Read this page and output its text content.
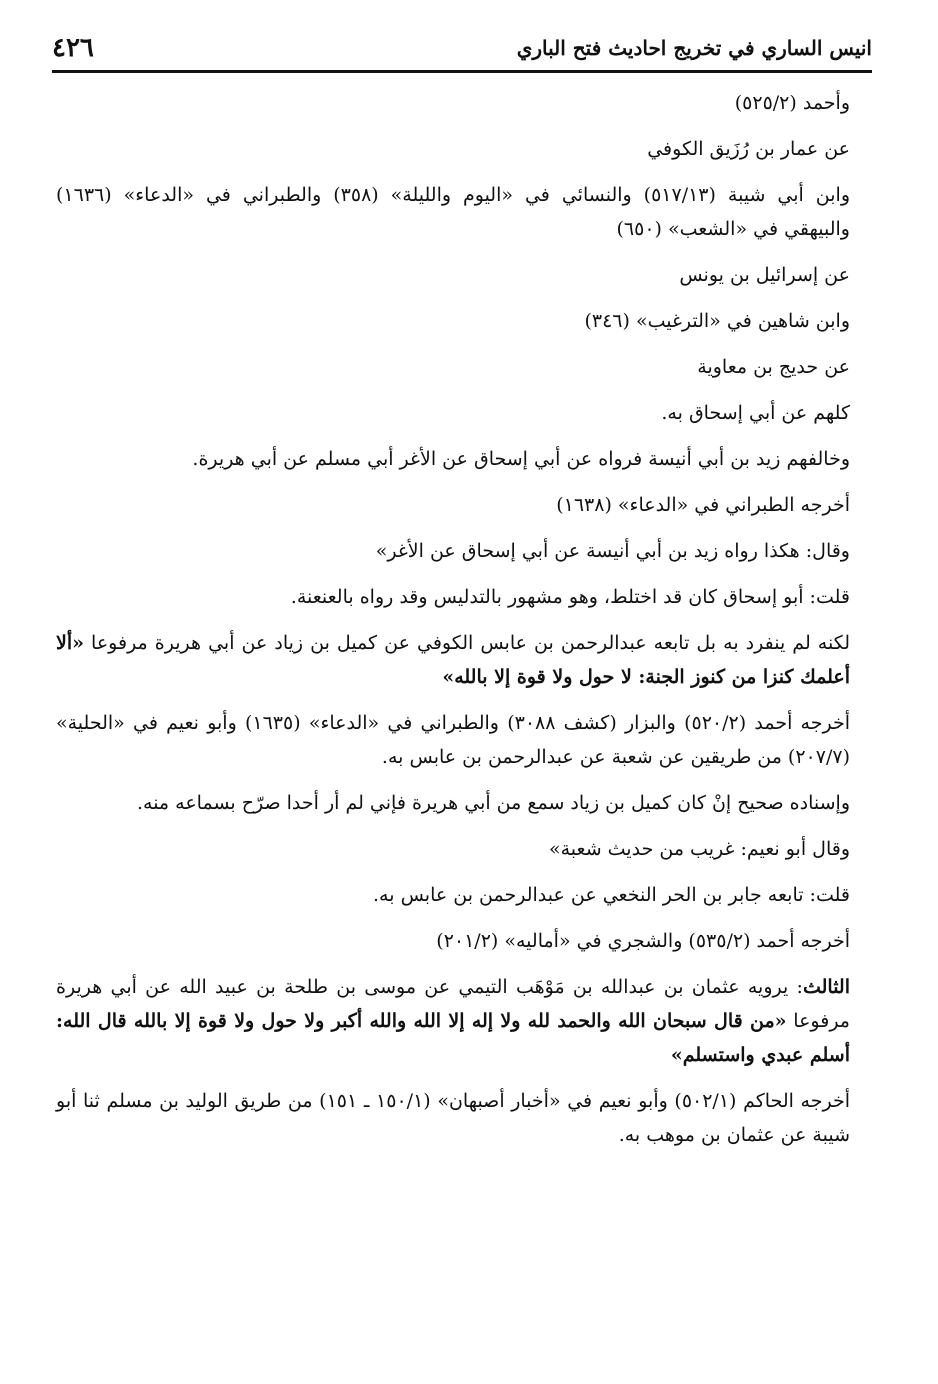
انيس الساري في تخريج احاديث فتح الباري
٤٢٦

وأحمد (٥٢٥/٢)

عن عمار بن رُزَيق الكوفي

وابن أبي شيبة (٥١٧/١٣) والنسائي في «اليوم والليلة» (٣٥٨) والطبراني في «الدعاء» (١٦٣٦) والبيهقي في «الشعب» (٦٥٠)

عن إسرائيل بن يونس

وابن شاهين في «الترغيب» (٣٤٦)

عن حديج بن معاوية

كلهم عن أبي إسحاق به.

وخالفهم زيد بن أبي أنيسة فرواه عن أبي إسحاق عن الأغر أبي مسلم عن أبي هريرة.

أخرجه الطبراني في «الدعاء» (١٦٣٨)

وقال: هكذا رواه زيد بن أبي أنيسة عن أبي إسحاق عن الأغر»

قلت: أبو إسحاق كان قد اختلط، وهو مشهور بالتدليس وقد رواه بالعنعنة.

لكنه لم ينفرد به بل تابعه عبدالرحمن بن عابس الكوفي عن كميل بن زياد عن أبي هريرة مرفوعا «ألا أعلمك كنزا من كنوز الجنة: لا حول ولا قوة إلا بالله»

أخرجه أحمد (٥٢٠/٢) والبزار (كشف ٣٠٨٨) والطبراني في «الدعاء» (١٦٣٥) وأبو نعيم في «الحلية» (٢٠٧/٧) من طريقين عن شعبة عن عبدالرحمن بن عابس به.

وإسناده صحيح إنْ كان كميل بن زياد سمع من أبي هريرة فإني لم أر أحدا صرّح بسماعه منه.

وقال أبو نعيم: غريب من حديث شعبة»

قلت: تابعه جابر بن الحر النخعي عن عبدالرحمن بن عابس به.

أخرجه أحمد (٥٣٥/٢) والشجري في «أماليه» (٢٠١/٢)

الثالث: يرويه عثمان بن عبدالله بن مَوْهَب التيمي عن موسى بن طلحة بن عبيد الله عن أبي هريرة مرفوعا «من قال سبحان الله والحمد لله ولا إله إلا الله والله أكبر ولا حول ولا قوة إلا بالله قال الله: أسلم عبدي واستسلم»

أخرجه الحاكم (٥٠٢/١) وأبو نعيم في «أخبار أصبهان» (١٥٠/١ ـ ١٥١) من طريق الوليد بن مسلم ثنا أبو شيبة عن عثمان بن موهب به.
